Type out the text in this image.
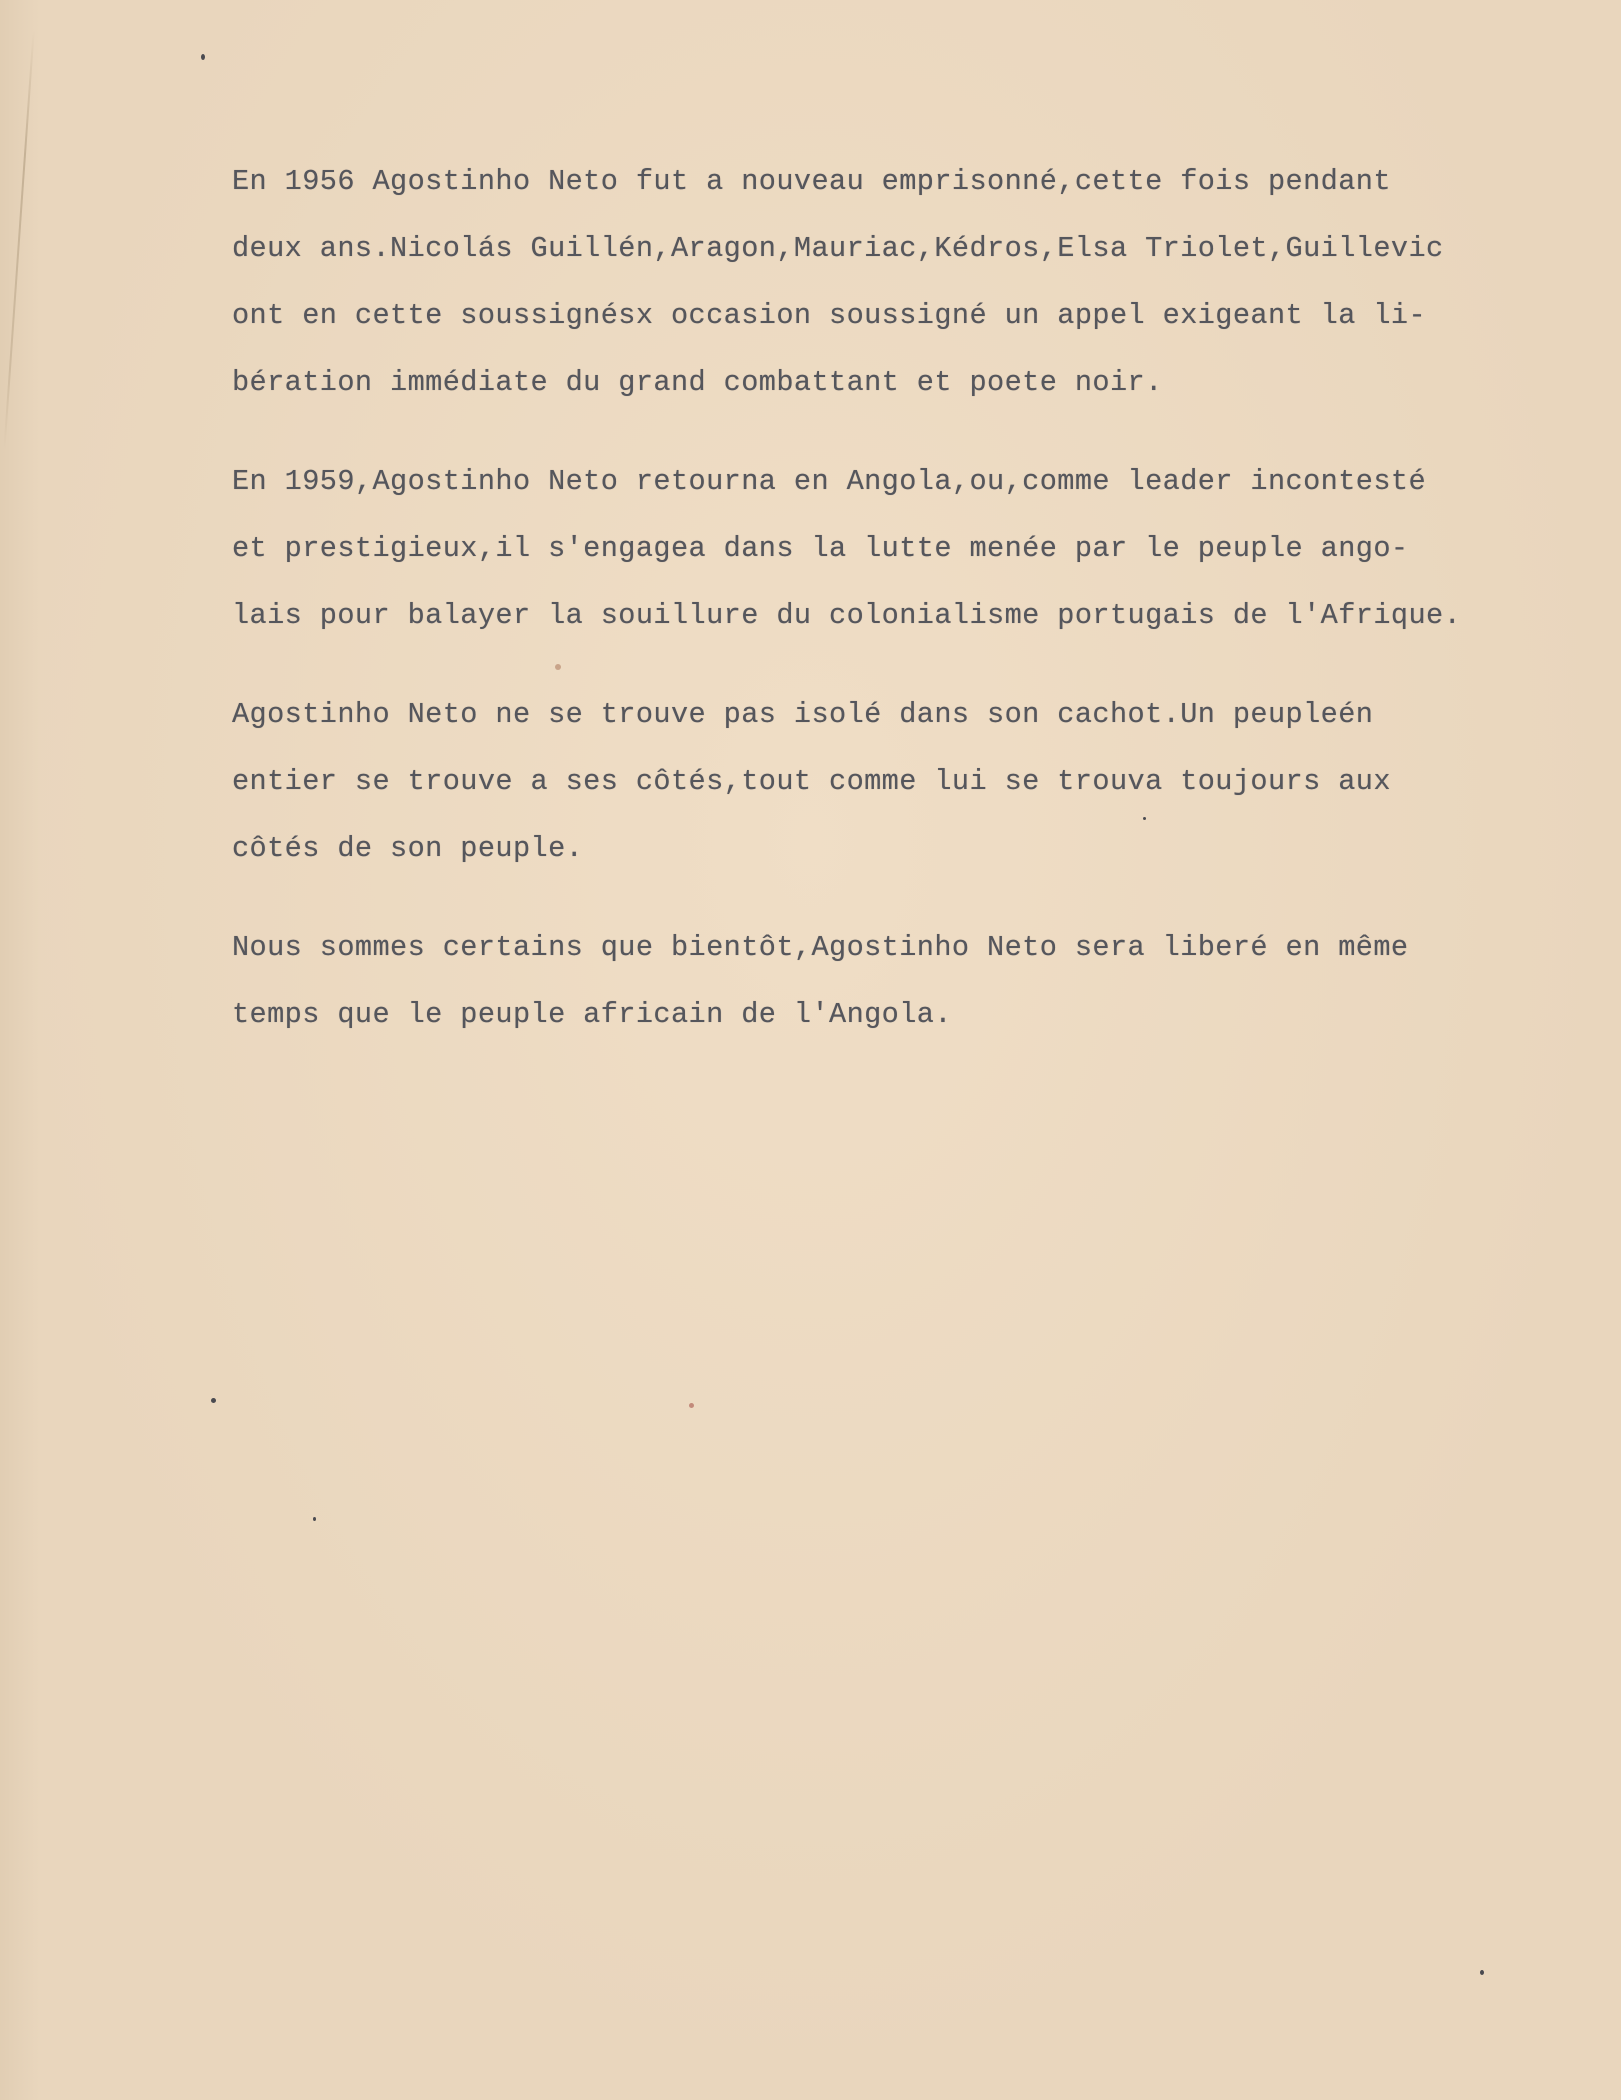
En 1956 Agostinho Neto fut a nouveau emprisonné,cette fois pendant
deux ans.Nicolás Guillén,Aragon,Mauriac,Kédros,Elsa Triolet,Guillevic
ont en cette soussignésx occasion soussigné un appel exigeant la li-
bération immédiate du grand combattant et poete noir.
En 1959,Agostinho Neto retourna en Angola,ou,comme leader incontesté
et prestigieux,il s'engagea dans la lutte menée par le peuple ango-
lais pour balayer la souillure du colonialisme portugais de l'Afrique.
Agostinho Neto ne se trouve pas isolé dans son cachot.Un peupleén
entier se trouve a ses côtés,tout comme lui se trouva toujours aux
côtés de son peuple.
Nous sommes certains que bientôt,Agostinho Neto sera liberé en même
temps que le peuple africain de l'Angola.
